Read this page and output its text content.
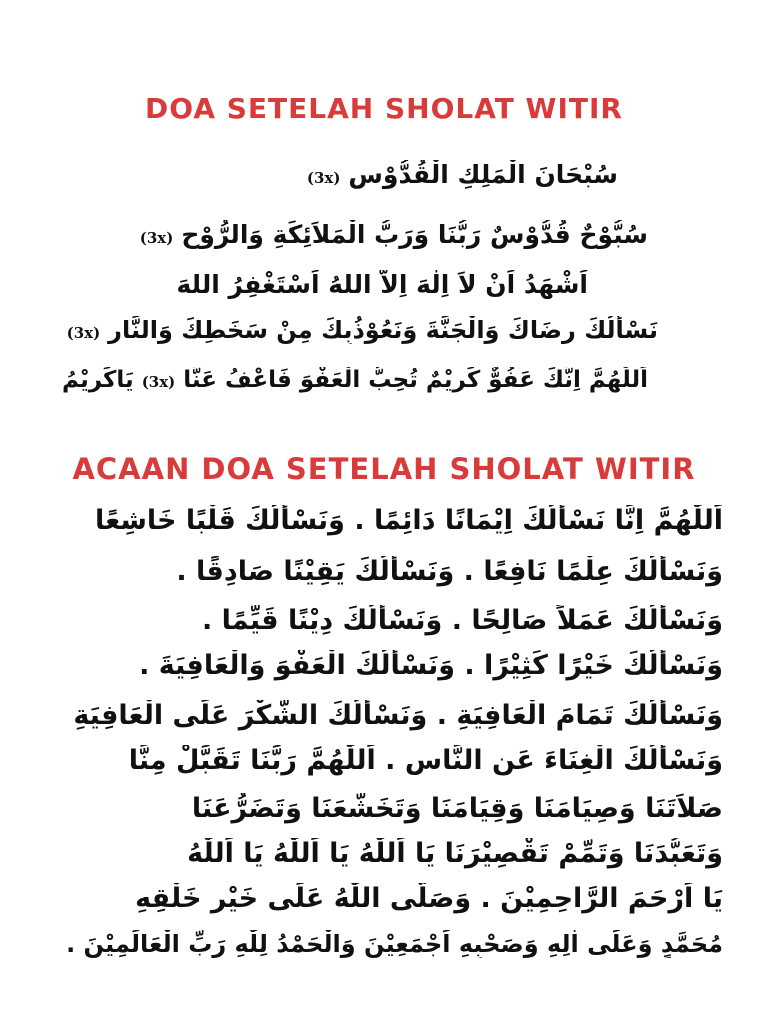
DOA SETELAH SHOLAT WITIR
سُبْحَانَ الْمَلِكِ الْقُدُّوْسِ(3x)
سُبُّوْحٌ قُدُّوْسٌ رَبُّنَا وَرَبُّ الْمَلاَئِكَةِ وَالرُّوْحِ(3x)
اَشْهَدُ اَنْ لاَ اِلٰهَ اِلاَّ اللهُ اَسْتَغْفِرُ اللهَ
نَسْأَلُكَ رِضَاكَ وَالْجَنَّةَ وَنَعُوْذُبِكَ مِنْ سَخَطِكَ وَالنَّارِ(3x)
اَللّٰهُمَّ اِنَّكَ عَفُوٌّ كَرِيْمٌ تُحِبُّ الْعَفْوَ فَاعْفُ عَنَّا(3x)يَاكَرِيْمُ
ACAAN DOA SETELAH SHOLAT WITIR
اَللّٰهُمَّ اِنَّا نَسْأَلُكَ اِيْمَانًا دَائِمًا . وَنَسْأَلُكَ قَلْبًا خَاشِعًا
وَنَسْأَلُكَ عِلْمًا نَافِعًا . وَنَسْأَلُكَ يَقِيْنًا صَادِقًا .
وَنَسْأَلُكَ عَمَلاً صَالِحًا . وَنَسْأَلُكَ دِيْنًا قَيِّمًا .
وَنَسْأَلُكَ خَيْرًا كَثِيْرًا . وَنَسْأَلُكَ الْعَفْوَ وَالْعَافِيَةَ .
وَنَسْأَلُكَ تَمَامَ الْعَافِيَةِ . وَنَسْأَلُكَ الشُّكْرَ عَلَى الْعَافِيَةِ
وَنَسْأَلُكَ الْغِنَاءَ عَنِ النَّاسِ . اَللّٰهُمَّ رَبَّنَا تَقَبَّلْ مِنَّا
صَلاَتَنَا وَصِيَامَنَا وَقِيَامَنَا وَتَخَشُّعَنَا وَتَضَرُّعَنَا
وَتَعَبُّدَنَا وَتَمِّمْ تَقْصِيْرَنَا يَا اَللّٰهُ يَا اَللّٰهُ يَا اَللّٰهُ
يَا اَرْحَمَ الرَّاحِمِيْنَ . وَصَلَّى اللّٰهُ عَلَى خَيْرِ خَلْقِهِ
مُحَمَّدٍ وَعَلَى اٰلِهِ وَصَحْبِهِ اَجْمَعِيْنَ وَالْحَمْدُ لِلّٰهِ رَبِّ الْعَالَمِيْنَ .
